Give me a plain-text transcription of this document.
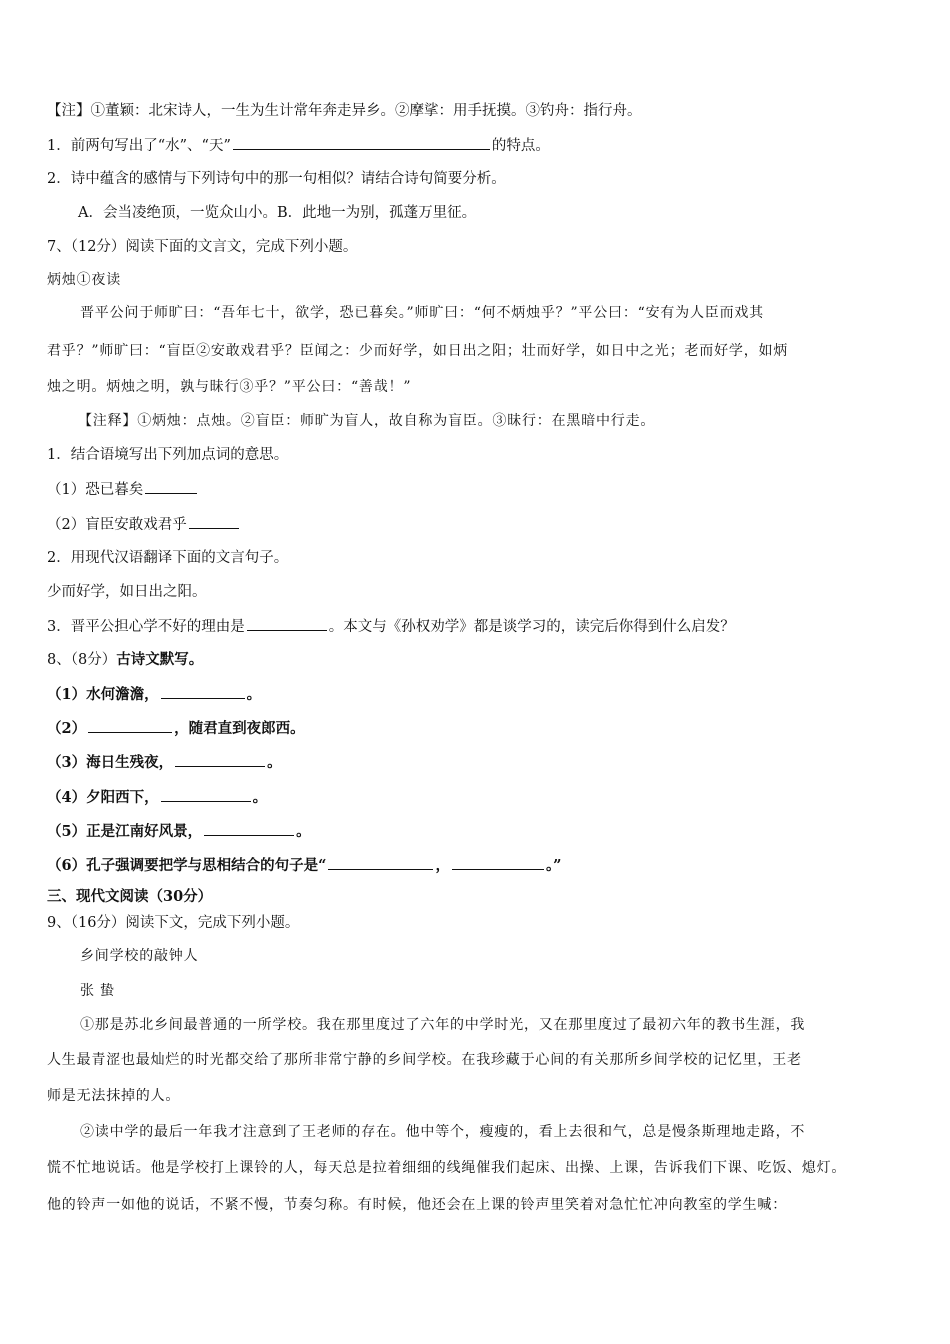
【注】①董颖：北宋诗人，一生为生计常年奔走异乡。②摩挲：用手抚摸。③钓舟：指行舟。
1．前两句写出了“水”、“天”	的特点。
2．诗中蕴含的感情与下列诗句中的那一句相似？请结合诗句简要分析。
A．会当凌绝顶，一览众山小。B．此地一为别，孤蓬万里征。
7、（12分）阅读下面的文言文，完成下列小题。
炳烛①夜读
晋平公问于师旷曰：“吾年七十，欲学，恐已暮矣。”师旷曰：“何不炳烛乎？”平公曰：“安有为人臣而戏其
君乎？”师旷曰：“盲臣②安敢戏君乎？臣闻之：少而好学，如日出之阳；壮而好学，如日中之光；老而好学，如炳
烛之明。炳烛之明，孰与昧行③乎？”平公曰：“善哉！”
【注释】①炳烛：点烛。②盲臣：师旷为盲人，故自称为盲臣。③昧行：在黑暗中行走。
1．结合语境写出下列加点词的意思。
（1）恐已暮矣
（2）盲臣安敢戏君乎
2．用现代汉语翻译下面的文言句子。
少而好学，如日出之阳。
3．晋平公担心学不好的理由是	。本文与《孙权劝学》都是谈学习的，读完后你得到什么启发？
8、（8分）古诗文默写。
（1）水何澹澹，	。
（2）	，随君直到夜郎西。
（3）海日生残夜，	。
（4）夕阳西下，	。
（5）正是江南好风景，	。
（6）孔子强调要把学与思相结合的句子是“	，	。”
三、现代文阅读（30分）
9、（16分）阅读下文，完成下列小题。
乡间学校的敲钟人
张 蛰
①那是苏北乡间最普通的一所学校。我在那里度过了六年的中学时光，又在那里度过了最初六年的教书生涯，我
人生最青涩也最灿烂的时光都交给了那所非常宁静的乡间学校。在我珍藏于心间的有关那所乡间学校的记忆里，王老
师是无法抹掉的人。
②读中学的最后一年我才注意到了王老师的存在。他中等个，瘦瘦的，看上去很和气，总是慢条斯理地走路，不
慌不忙地说话。他是学校打上课铃的人，每天总是拉着细细的线绳催我们起床、出操、上课，告诉我们下课、吃饭、熄灯。
他的铃声一如他的说话，不紧不慢，节奏匀称。有时候，他还会在上课的铃声里笑着对急忙忙冲向教室的学生喊：
